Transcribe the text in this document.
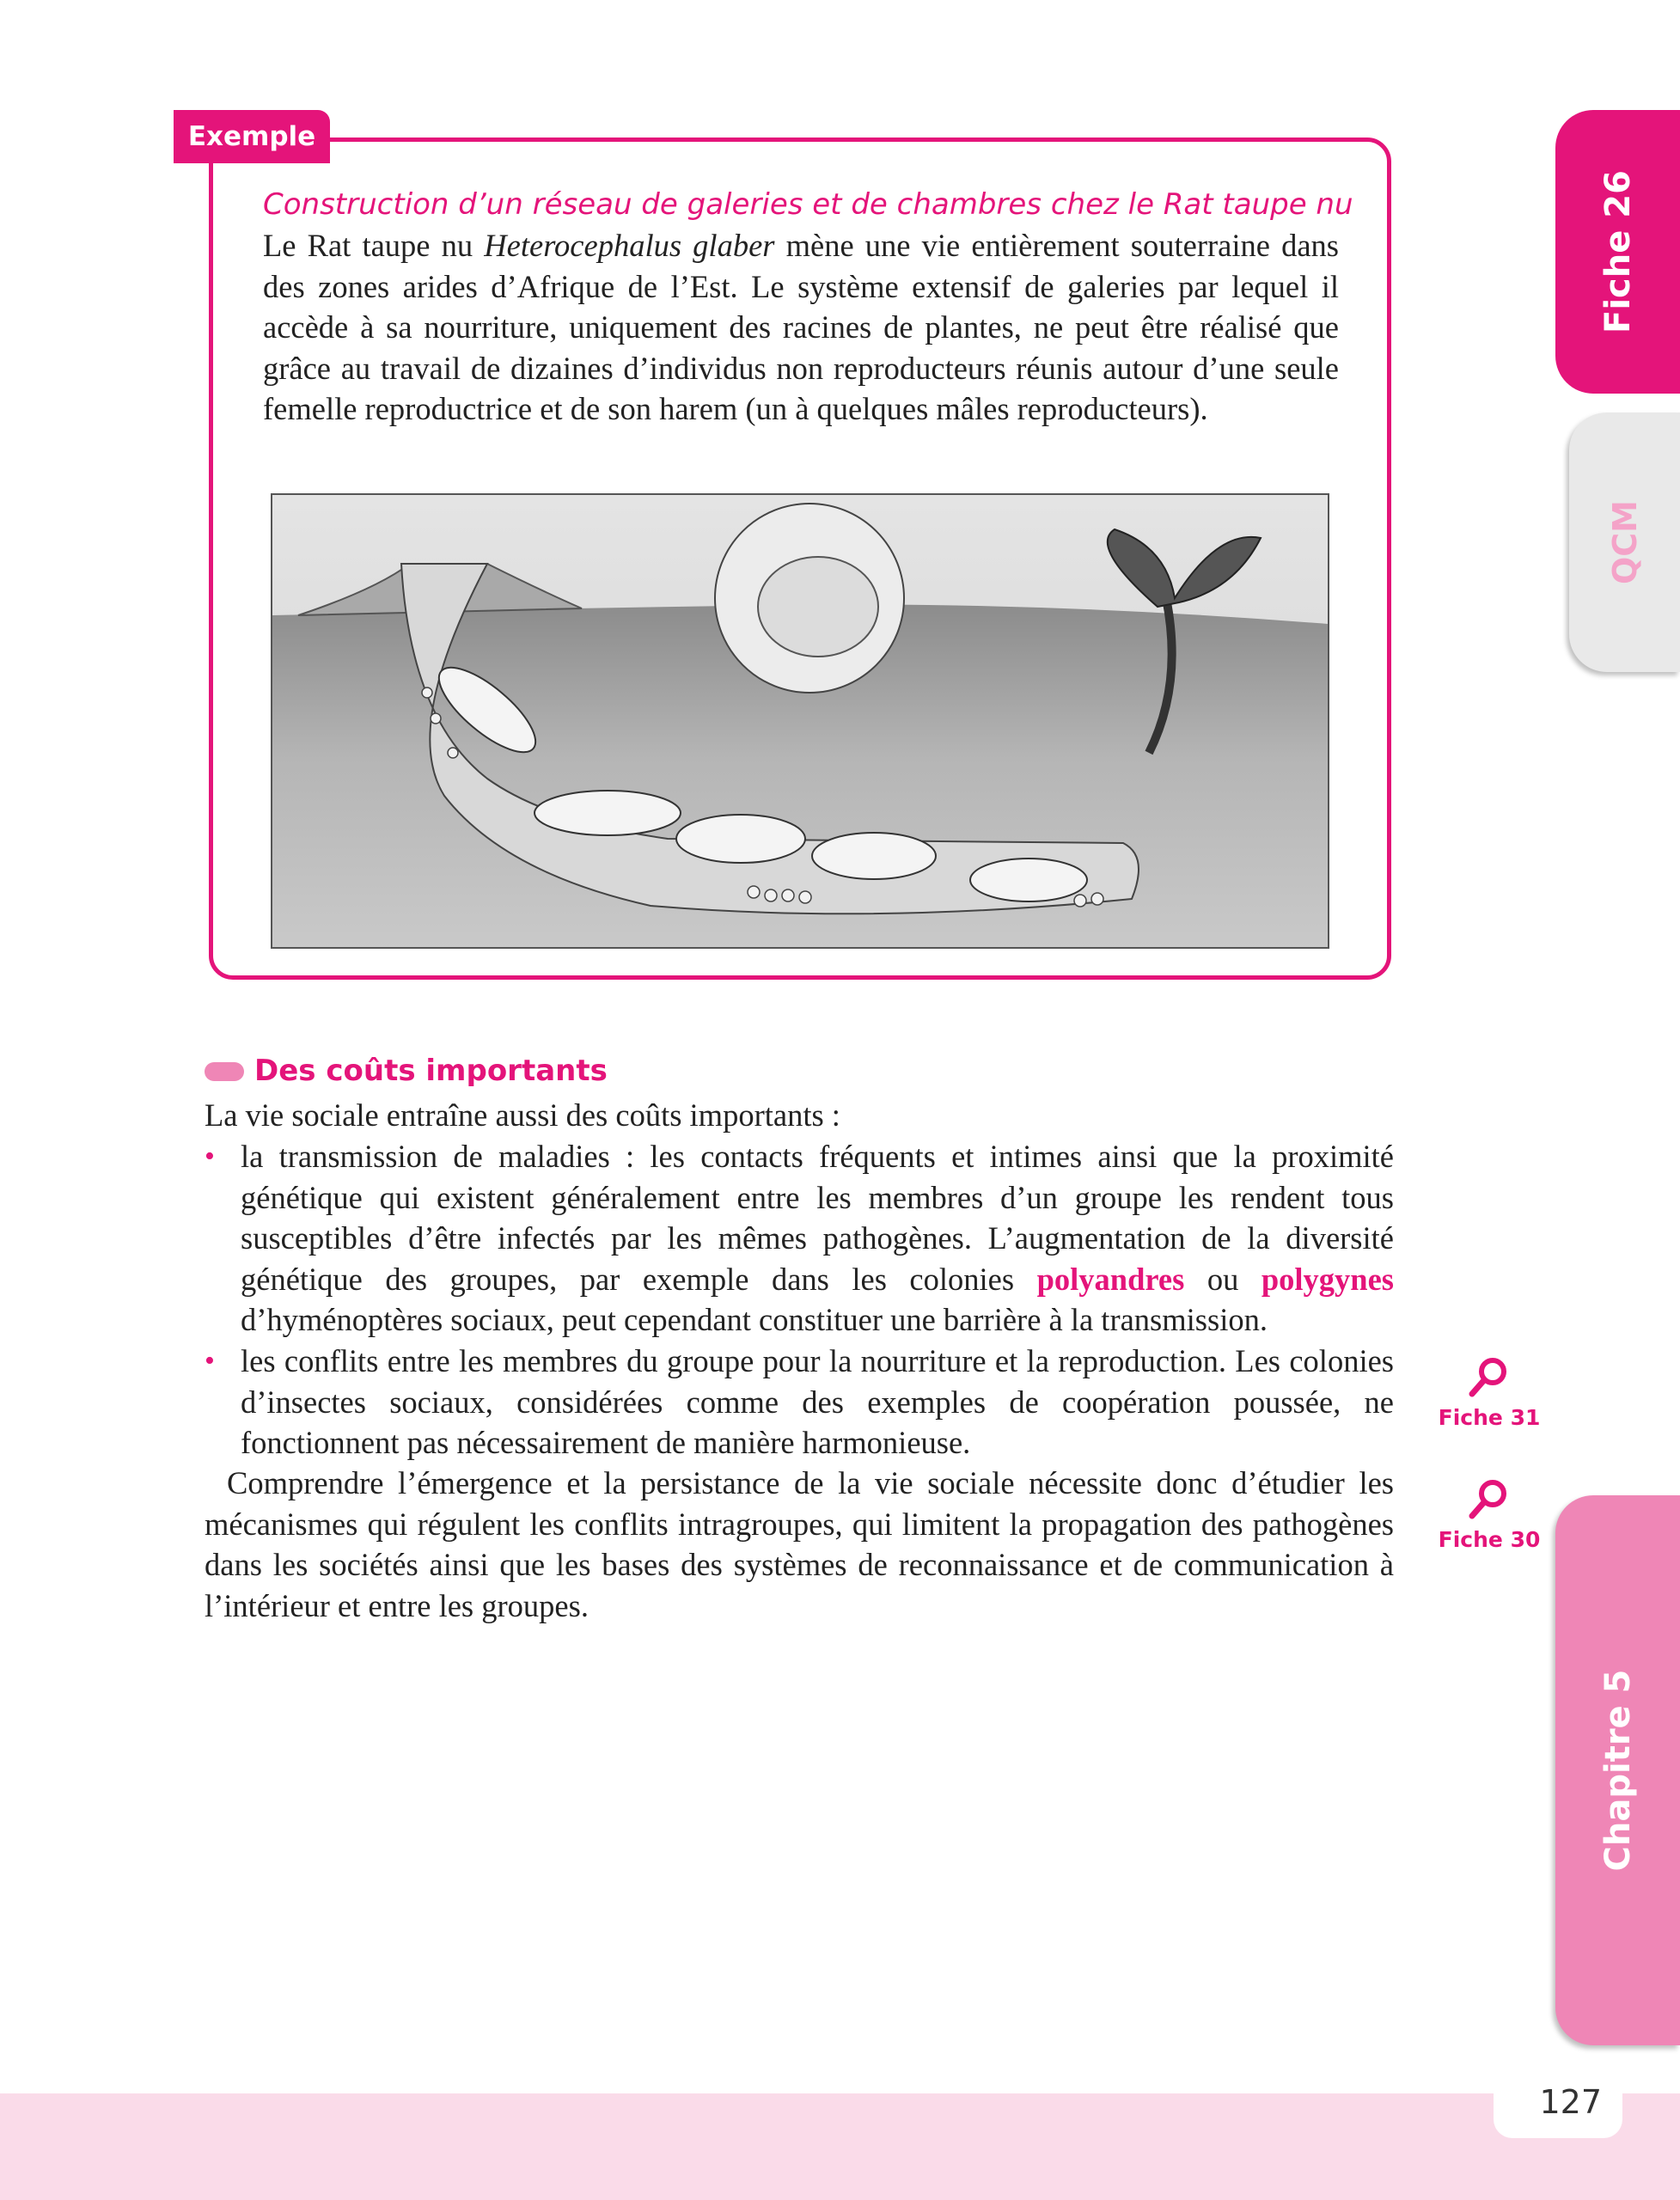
Exemple
Construction d’un réseau de galeries et de chambres chez le Rat taupe nu
Le Rat taupe nu Heterocephalus glaber mène une vie entièrement souterraine dans des zones arides d’Afrique de l’Est. Le système extensif de galeries par lequel il accède à sa nourriture, uniquement des racines de plantes, ne peut être réalisé que grâce au travail de dizaines d’individus non reproducteurs réunis autour d’une seule femelle reproductrice et de son harem (un à quelques mâles reproducteurs).
Des coûts importants
La vie sociale entraîne aussi des coûts importants :
• la transmission de maladies : les contacts fréquents et intimes ainsi que la proximité génétique qui existent généralement entre les membres d’un groupe les rendent tous susceptibles d’être infectés par les mêmes pathogènes. L’augmentation de la diversité génétique des groupes, par exemple dans les colonies polyandres ou polygynes d’hyménoptères sociaux, peut cependant constituer une barrière à la transmission.
• les conflits entre les membres du groupe pour la nourriture et la reproduction. Les colonies d’insectes sociaux, considérées comme des exemples de coopération poussée, ne fonctionnent pas nécessairement de manière harmonieuse.
Comprendre l’émergence et la persistance de la vie sociale nécessite donc d’étudier les mécanismes qui régulent les conflits intragroupes, qui limitent la propagation des pathogènes dans les sociétés ainsi que les bases des systèmes de reconnaissance et de communication à l’intérieur et entre les groupes.
Fiche 31
Fiche 30
Fiche 26
QCM
Chapitre 5
127
